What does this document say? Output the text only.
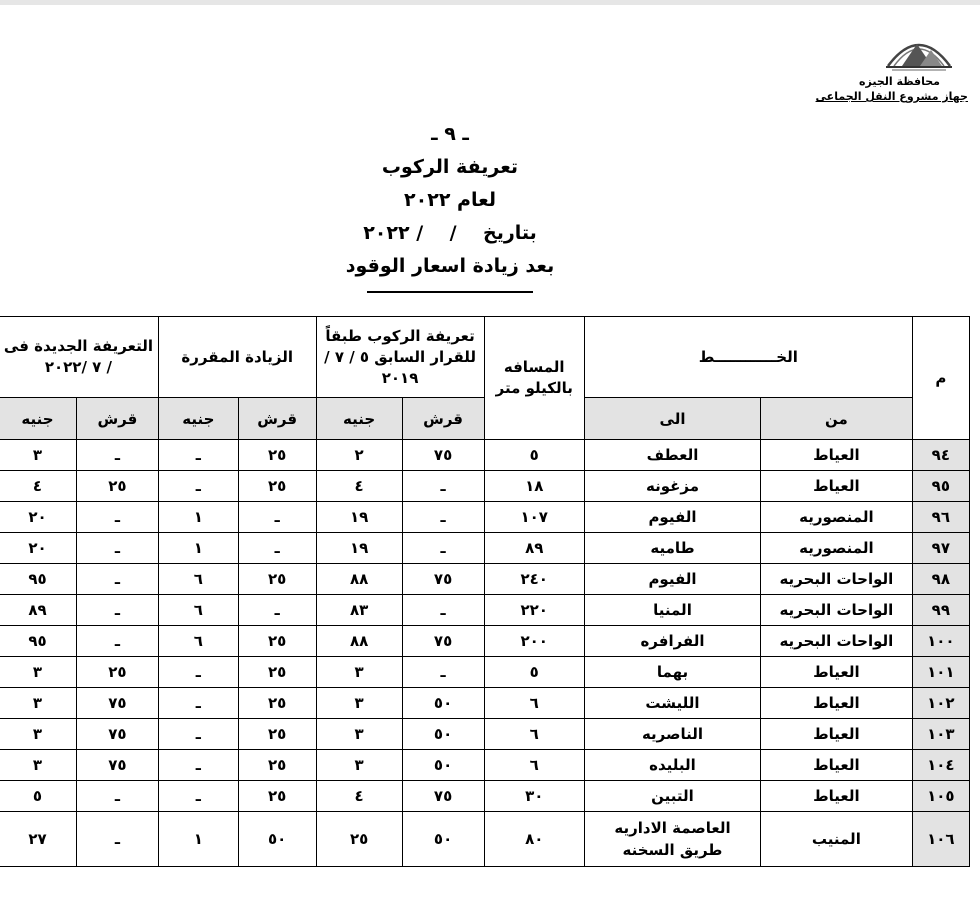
محافظة الجيزه
جهاز مشروع النقل الجماعى
ـ ٩ ـ
تعريفة الركوب
لعام ٢٠٢٢
بتاريخ    /    / ٢٠٢٢
بعد زيادة اسعار الوقود
م	الخــــــــــــط		المسافه بالكيلو متر	تعريفة الركوب طبقاً للقرار السابق ٥ / ٧ / ٢٠١٩		الزيادة المقررة		التعريفة الجديدة فى / ٧ /٢٠٢٢	
	من	الى		قرش	جنيه	قرش	جنيه	قرش	جنيه
٩٤	العياط	العطف	٥	٧٥	٢	٢٥	ـ	ـ	٣
٩٥	العياط	مزغونه	١٨	ـ	٤	٢٥	ـ	٢٥	٤
٩٦	المنصوريه	الفيوم	١٠٧	ـ	١٩	ـ	١	ـ	٢٠
٩٧	المنصوريه	طاميه	٨٩	ـ	١٩	ـ	١	ـ	٢٠
٩٨	الواحات البحريه	الفيوم	٢٤٠	٧٥	٨٨	٢٥	٦	ـ	٩٥
٩٩	الواحات البحريه	المنيا	٢٢٠	ـ	٨٣	ـ	٦	ـ	٨٩
١٠٠	الواحات البحريه	الفرافره	٢٠٠	٧٥	٨٨	٢٥	٦	ـ	٩٥
١٠١	العياط	بهما	٥	ـ	٣	٢٥	ـ	٢٥	٣
١٠٢	العياط	الليشت	٦	٥٠	٣	٢٥	ـ	٧٥	٣
١٠٣	العياط	الناصريه	٦	٥٠	٣	٢٥	ـ	٧٥	٣
١٠٤	العياط	البليده	٦	٥٠	٣	٢٥	ـ	٧٥	٣
١٠٥	العياط	التبين	٣٠	٧٥	٤	٢٥	ـ	ـ	٥
١٠٦	المنيب	العاصمة الاداريه
طريق السخنه	٨٠	٥٠	٢٥	٥٠	١	ـ	٢٧
